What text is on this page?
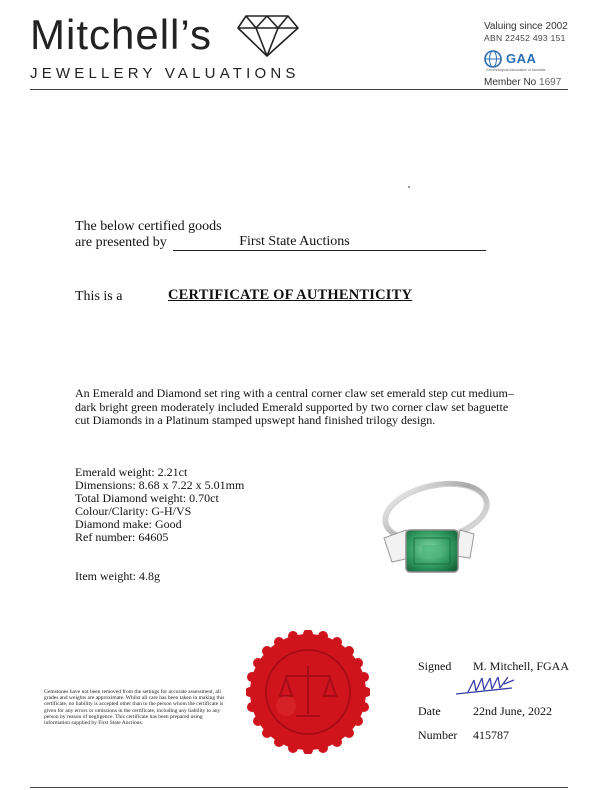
Mitchell’s
JEWELLERY VALUATIONS
Valuing since 2002
ABN 22452 493 151
GAA
Gemmological Association of Australia
Member No 1697
The below certified goods
are presented by	First State Auctions
This is a	CERTIFICATE OF AUTHENTICITY
An Emerald and Diamond set ring with a central corner claw set emerald step cut medium–dark bright green moderately included Emerald supported by two corner claw set baguette cut Diamonds in a Platinum stamped upswept hand finished trilogy design.
Emerald weight: 2.21ct
Dimensions: 8.68 x 7.22 x 5.01mm
Total Diamond weight: 0.70ct
Colour/Clarity: G-H/VS
Diamond make: Good
Ref number: 64605
Item weight: 4.8g
Gemstones have not been removed from the settings for accurate assessment, all grades and weights are approximate. Whilst all care has been taken in making this certificate, no liability is accepted other than to the person whom the certificate is given for any errors or omissions in the certificate, including any liability to any person by reason of negligence. This certificate has been prepared using information supplied by First State Auctions.
Signed M. Mitchell, FGAA
Date	22nd June, 2022
Number 415787
